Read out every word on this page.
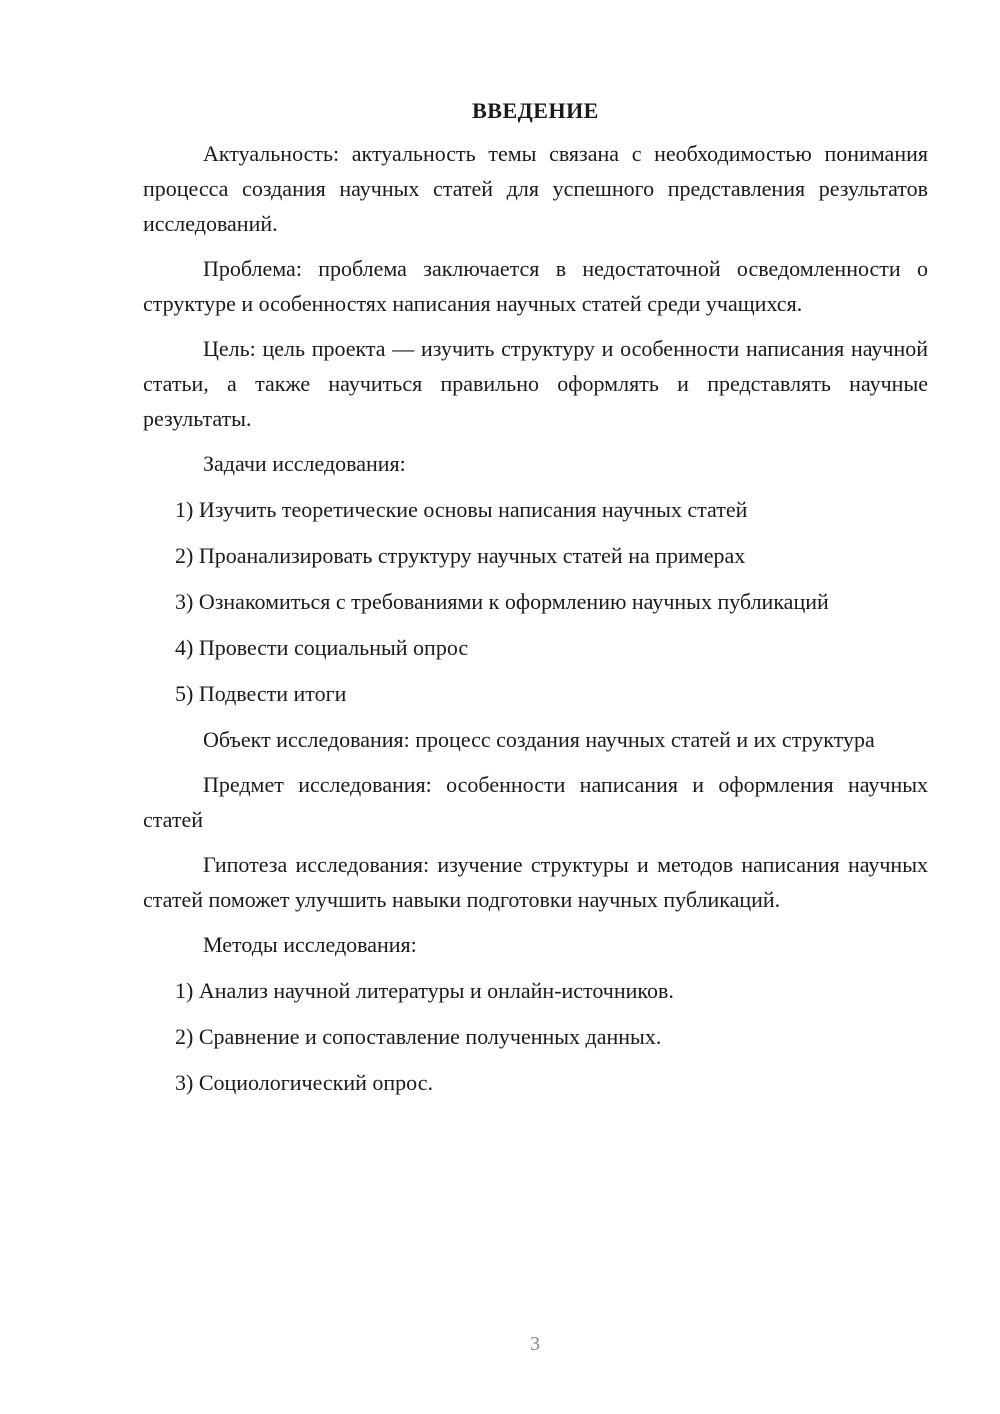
ВВЕДЕНИЕ

Актуальность: актуальность темы связана с необходимостью понимания процесса создания научных статей для успешного представления результатов исследований.

Проблема: проблема заключается в недостаточной осведомленности о структуре и особенностях написания научных статей среди учащихся.

Цель: цель проекта — изучить структуру и особенности написания научной статьи, а также научиться правильно оформлять и представлять научные результаты.

Задачи исследования:
1) Изучить теоретические основы написания научных статей
2) Проанализировать структуру научных статей на примерах
3) Ознакомиться с требованиями к оформлению научных публикаций
4) Провести социальный опрос
5) Подвести итоги

Объект исследования: процесс создания научных статей и их структура

Предмет исследования: особенности написания и оформления научных статей

Гипотеза исследования: изучение структуры и методов написания научных статей поможет улучшить навыки подготовки научных публикаций.

Методы исследования:
1) Анализ научной литературы и онлайн-источников.
2) Сравнение и сопоставление полученных данных.
3) Социологический опрос.
3
